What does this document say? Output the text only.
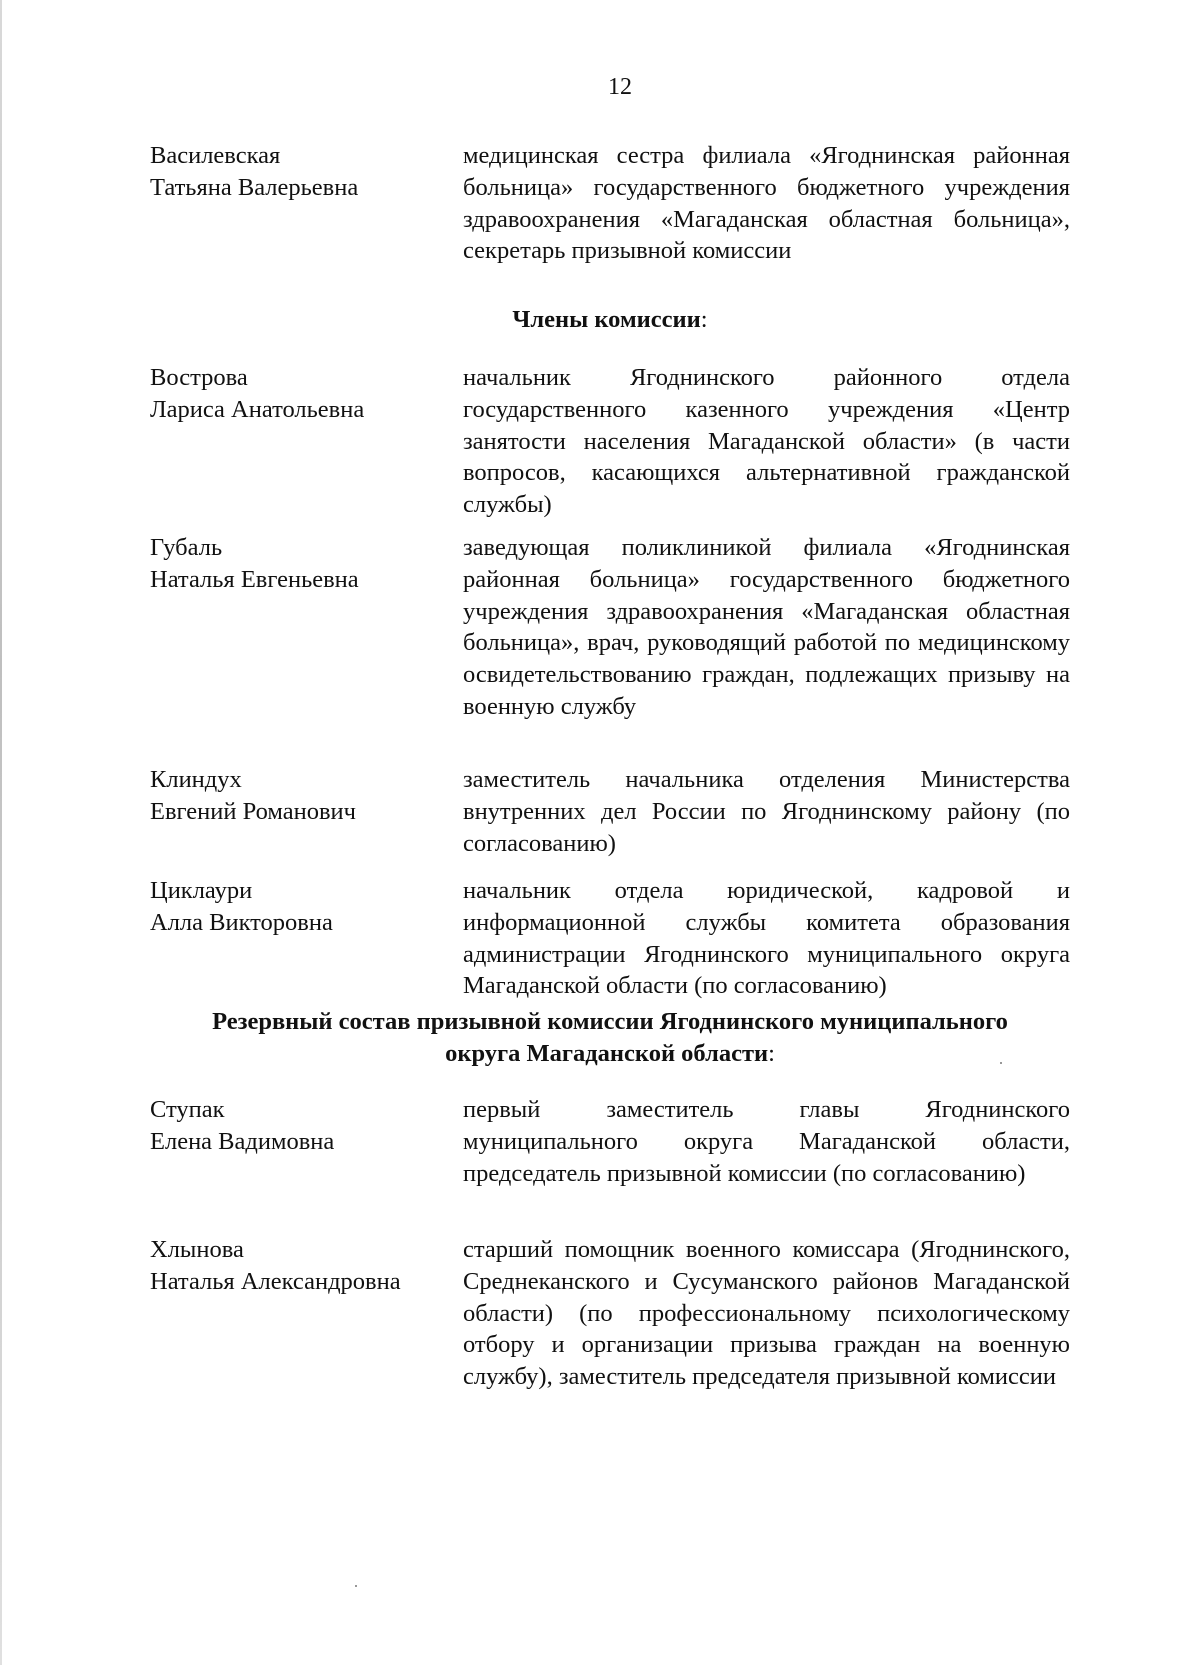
12
Василевская
Татьяна Валерьевна
медицинская сестра филиала «Ягоднинская районная больница» государственного бюджетного учреждения здравоохранения «Магаданская областная больница», секретарь призывной комиссии
Члены комиссии:
Вострова
Лариса Анатольевна
начальник Ягоднинского районного отдела государственного казенного учреждения «Центр занятости населения Магаданской области» (в части вопросов, касающихся альтернативной гражданской службы)
Губаль
Наталья Евгеньевна
заведующая поликлиникой филиала «Ягоднинская районная больница» государственного бюджетного учреждения здравоохранения «Магаданская областная больница», врач, руководящий работой по медицинскому освидетельствованию граждан, подлежащих призыву на военную службу
Клиндух
Евгений Романович
заместитель начальника отделения Министерства внутренних дел России по Ягоднинскому району (по согласованию)
Циклаури
Алла Викторовна
начальник отдела юридической, кадровой и информационной службы комитета образования администрации Ягоднинского муниципального округа Магаданской области (по согласованию)
Резервный состав призывной комиссии Ягоднинского муниципального
округа Магаданской области:
Ступак
Елена Вадимовна
первый заместитель главы Ягоднинского муниципального округа Магаданской области, председатель призывной комиссии (по согласованию)
Хлынова
Наталья Александровна
старший помощник военного комиссара (Ягоднинского, Среднеканского и Сусуманского районов Магаданской области) (по профессиональному психологическому отбору и организации призыва граждан на военную службу), заместитель председателя призывной комиссии
